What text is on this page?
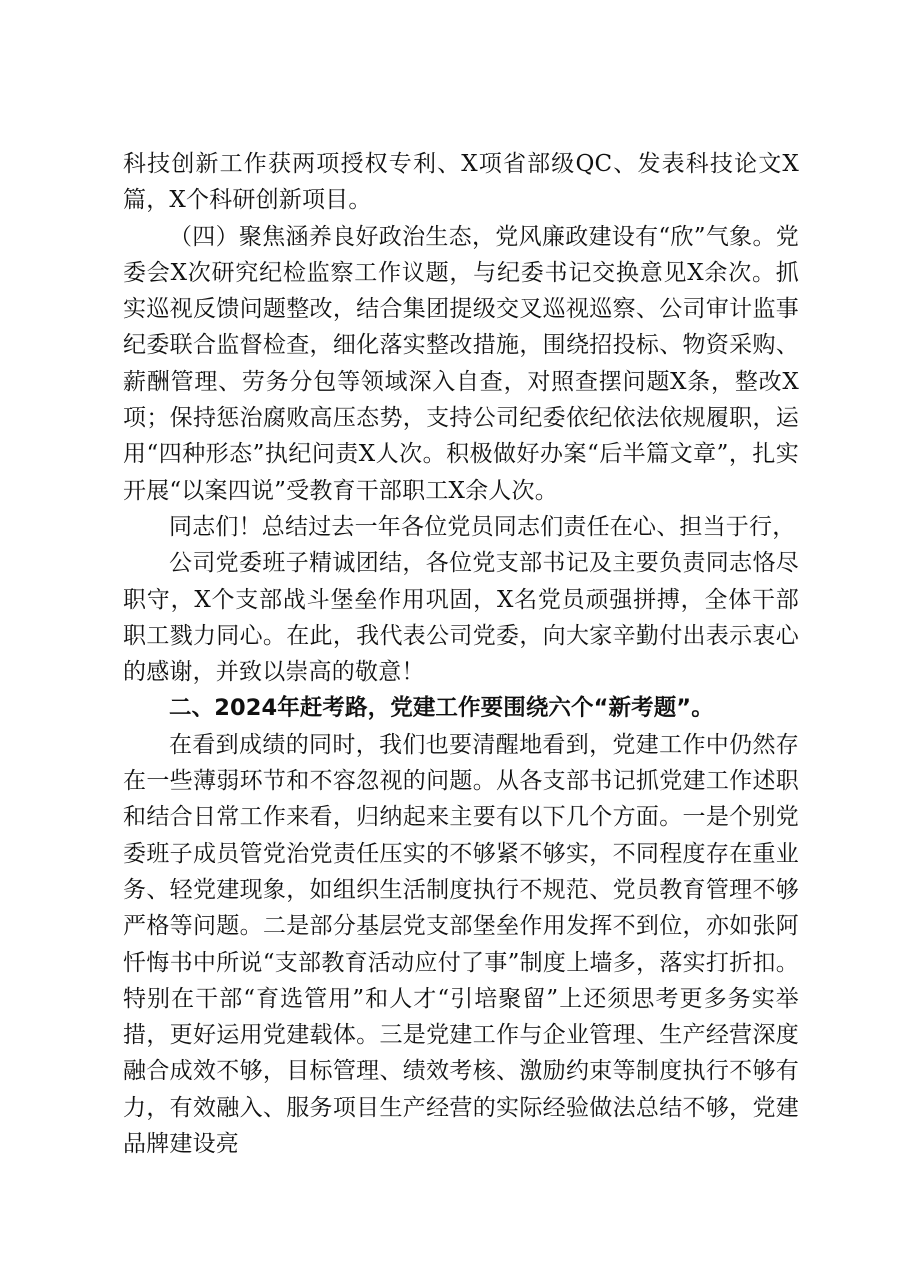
科技创新工作获两项授权专利、X项省部级QC、发表科技论文X篇，X个科研创新项目。

（四）聚焦涵养良好政治生态，党风廉政建设有“欣”气象。党委会X次研究纪检监察工作议题，与纪委书记交换意见X余次。抓实巡视反馈问题整改，结合集团提级交叉巡视巡察、公司审计监事纪委联合监督检查，细化落实整改措施，围绕招投标、物资采购、薪酬管理、劳务分包等领域深入自查，对照查摆问题X条，整改X项；保持惩治腐败高压态势，支持公司纪委依纪依法依规履职，运用“四种形态”执纪问责X人次。积极做好办案“后半篇文章”，扎实开展“以案四说”受教育干部职工X余人次。

同志们！总结过去一年各位党员同志们责任在心、担当于行，

公司党委班子精诚团结，各位党支部书记及主要负责同志恪尽职守，X个支部战斗堡垒作用巩固，X名党员顽强拼搏，全体干部职工戮力同心。在此，我代表公司党委，向大家辛勤付出表示衷心的感谢，并致以崇高的敬意！

二、2024年赶考路，党建工作要围绕六个“新考题”。

在看到成绩的同时，我们也要清醒地看到，党建工作中仍然存在一些薄弱环节和不容忽视的问题。从各支部书记抓党建工作述职和结合日常工作来看，归纳起来主要有以下几个方面。一是个别党委班子成员管党治党责任压实的不够紧不够实，不同程度存在重业务、轻党建现象，如组织生活制度执行不规范、党员教育管理不够严格等问题。二是部分基层党支部堡垒作用发挥不到位，亦如张阿忏悔书中所说“支部教育活动应付了事”制度上墙多，落实打折扣。特别在干部“育选管用”和人才“引培聚留”上还须思考更多务实举措，更好运用党建载体。三是党建工作与企业管理、生产经营深度融合成效不够，目标管理、绩效考核、激励约束等制度执行不够有力，有效融入、服务项目生产经营的实际经验做法总结不够，党建品牌建设亮
